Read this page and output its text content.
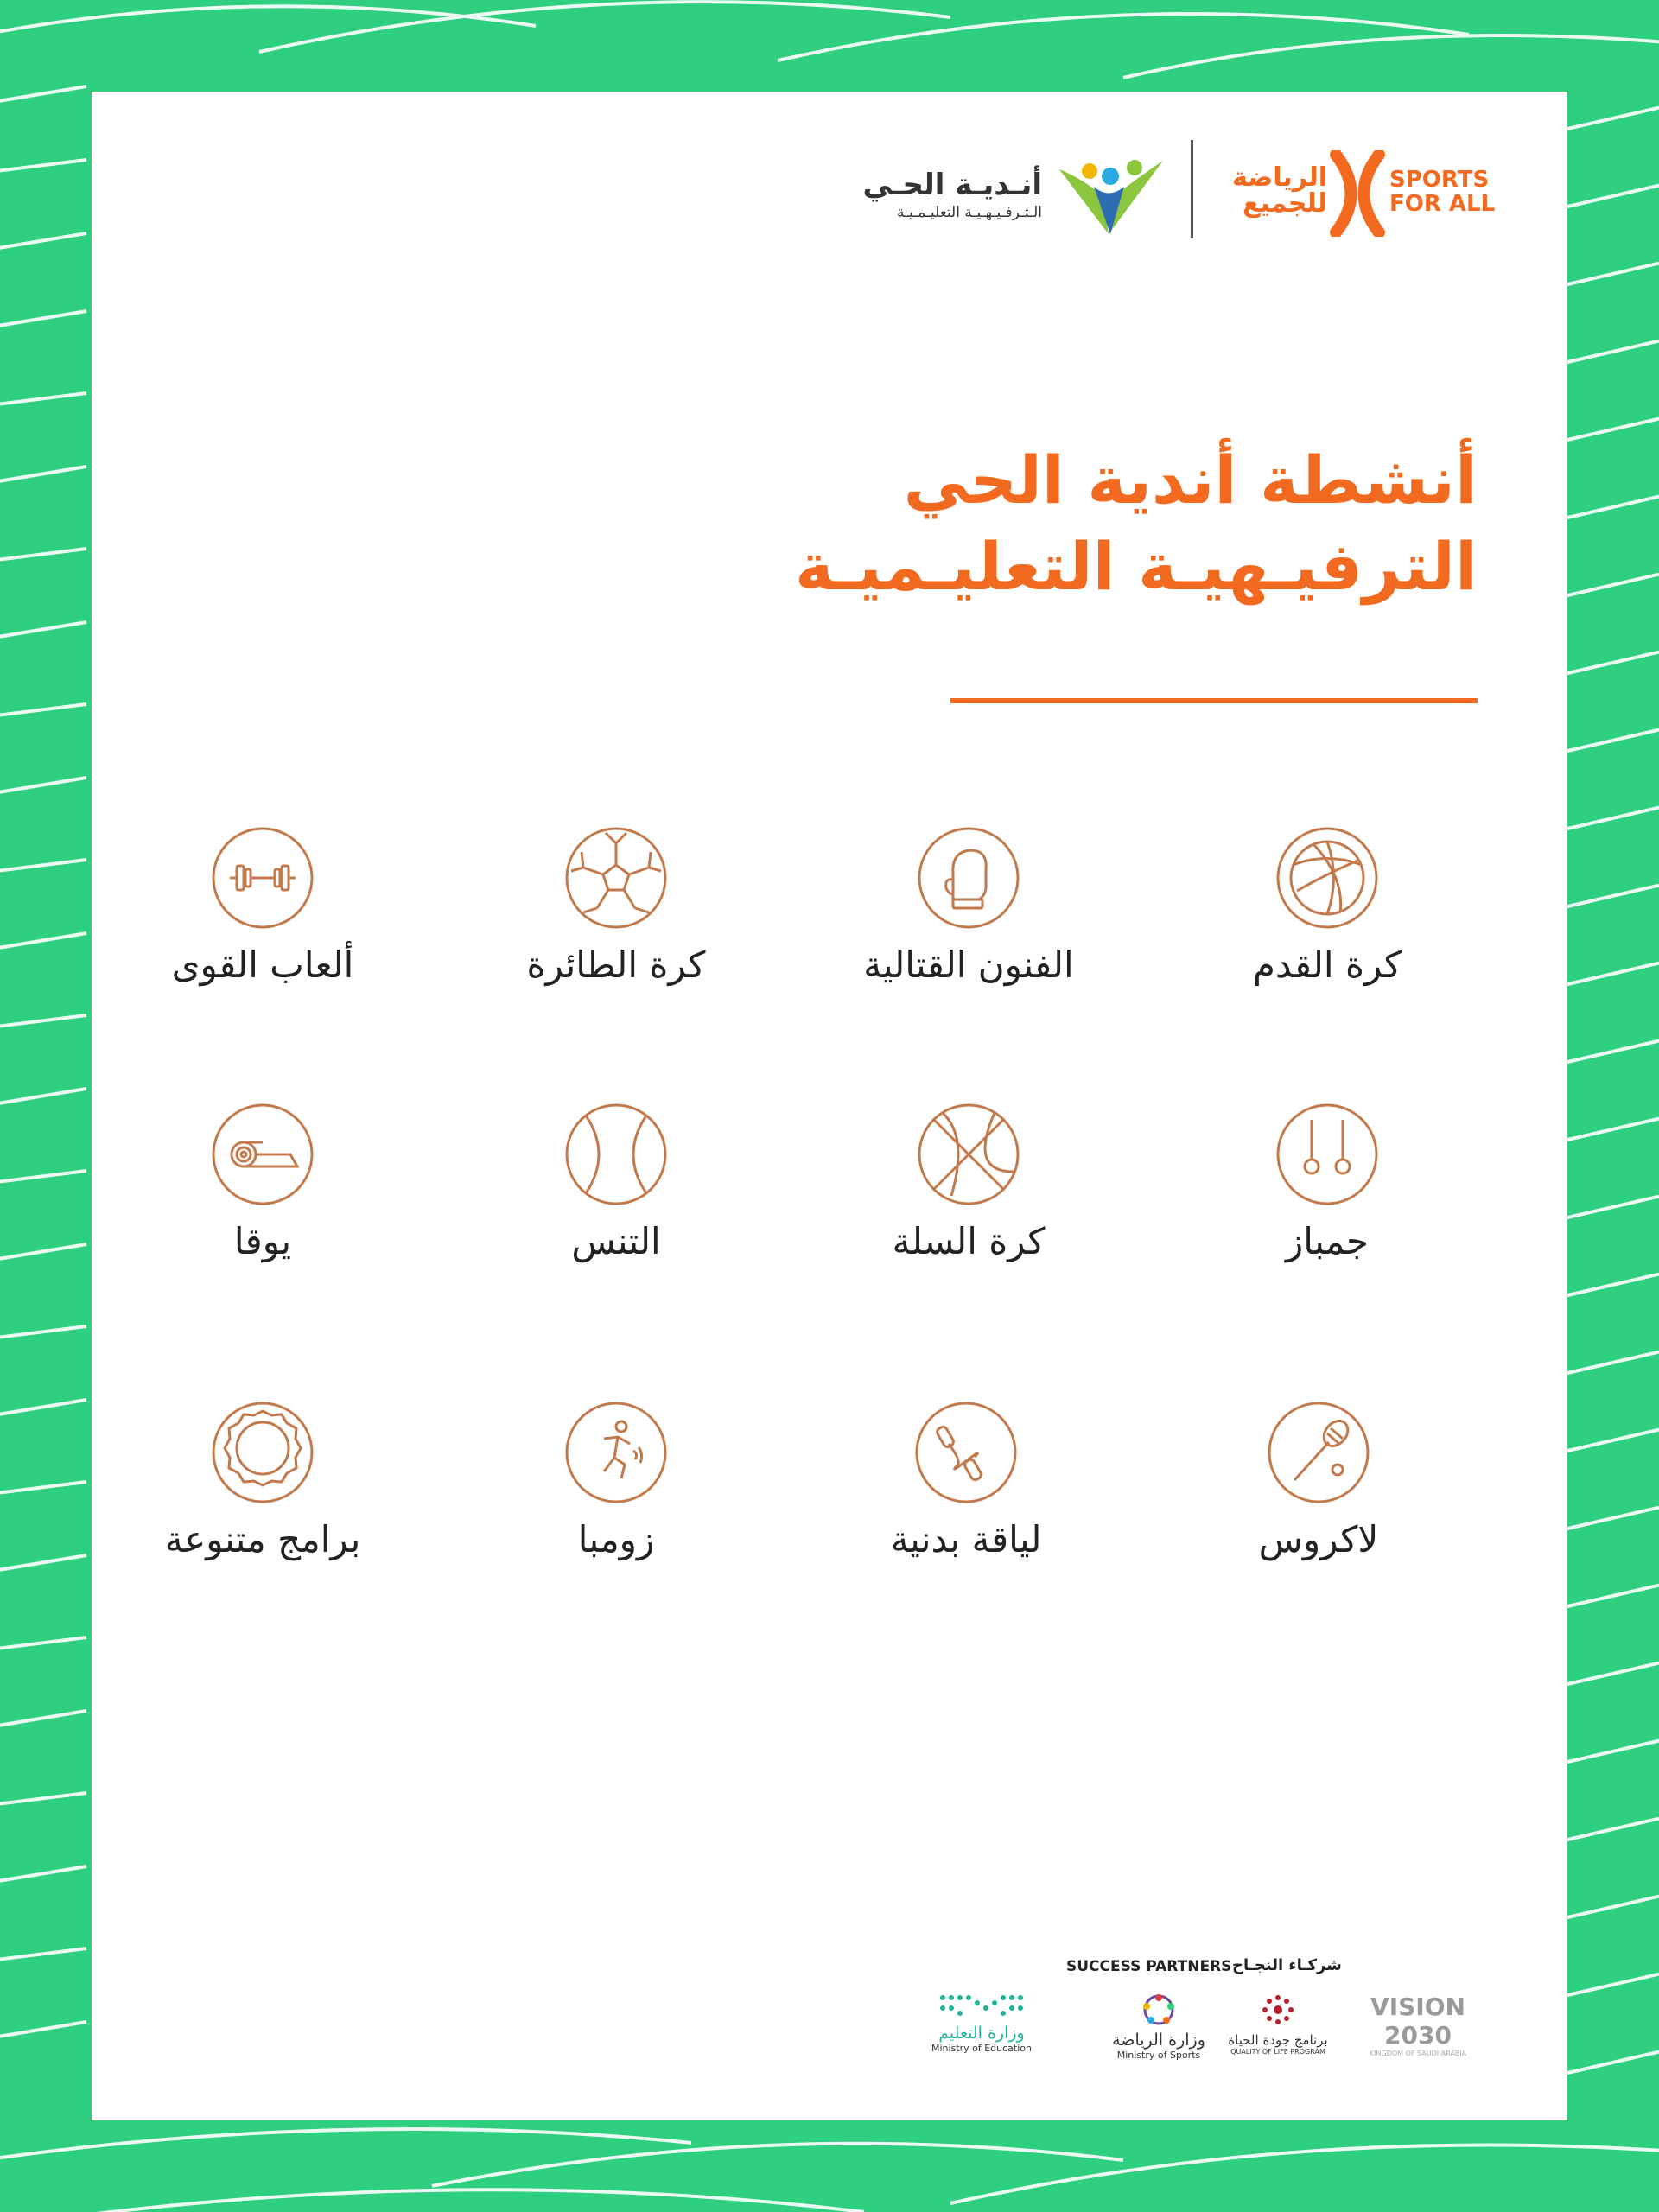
الرياضة للجميع
SPORTS
FOR ALL
أنـديـة الحـي
الـتـرفـيـهـيـة التعليـمـيـة
أنشطة أندية الحي
الترفيـهيـة التعليـميـة
كرة القدم
الفنون القتالية
كرة الطائرة
ألعاب القوى
جمباز
كرة السلة
التنس
يوقا
لاكروس
لياقة بدنية
زومبا
برامج متنوعة
SUCCESS PARTNERS شركـاء النجـاح
وزارة التعليم
Ministry of Education	وزارة الرياضة
Ministry of Sports
برنامج جودة الحياة
QUALITY OF LIFE PROGRAM
VISION 2030
KINGDOM OF SAUDI ARABIA
